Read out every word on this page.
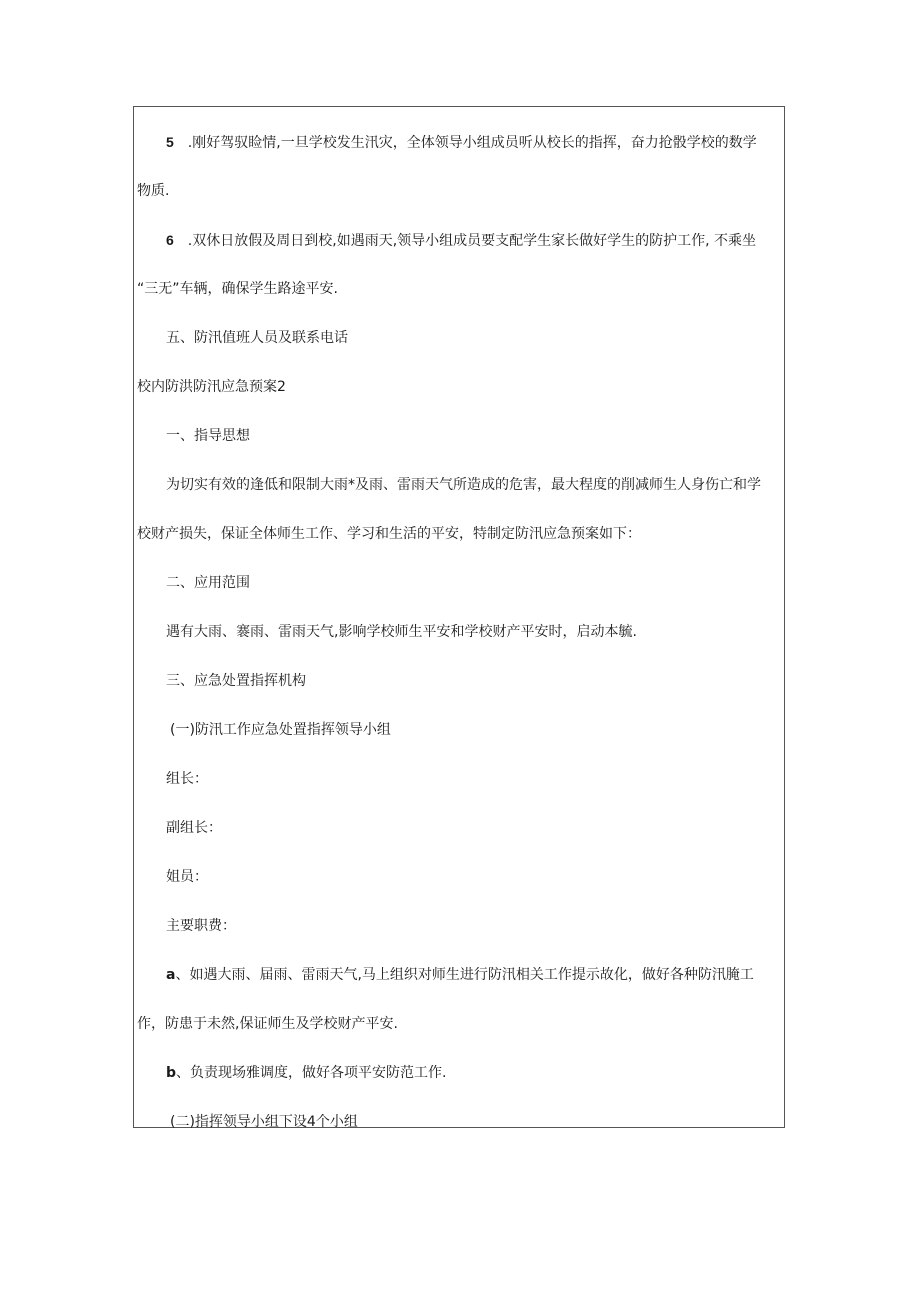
5 .刚好驾驭睑情,一旦学校发生汛灾，全体领导小组成员听从校长的指挥，奋力抢骰学校的数学
物质.
6 .双休日放假及周日到校,如遇雨天,领导小组成员要支配学生家长做好学生的防护工作, 不乘坐
“三无”车辆，确保学生路途平安.
五、防汛值班人员及联系电话
校内防洪防汛应急预案2
一、指导思想
为切实有效的逢低和限制大雨*及雨、雷雨天气所造成的危害，最大程度的削减师生人身伤亡和学
校财产损失，保证全体师生工作、学习和生活的平安，特制定防汛应急预案如下：
二、应用范围
遇有大雨、褰雨、雷雨天气,影响学校师生平安和学校财产平安时，启动本毓.
三、应急处置指挥机构
(一)防汛工作应急处置指挥领导小组
组长：
副组长：
姐员：
主要职费：
a、如遇大雨、届雨、雷雨天气,马上组织对师生进行防汛相关工作提示故化，做好各种防汛腌工
作，防患于未然,保证师生及学校财产平安.
b、负责现场雅调度，做好各项平安防范工作.
(二)指挥领导小组下设4个小组
